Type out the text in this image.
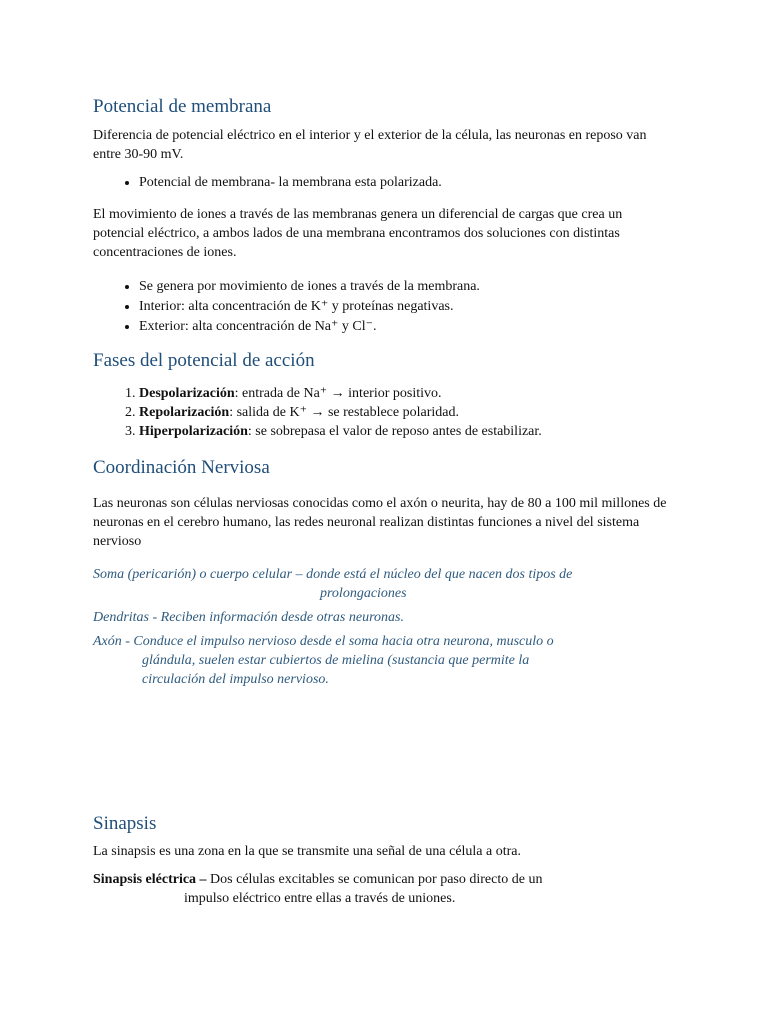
Potencial de membrana

Diferencia de potencial eléctrico en el interior y el exterior de la célula, las neuronas en reposo van entre 30-90 mV.

• Potencial de membrana- la membrana esta polarizada.

El movimiento de iones a través de las membranas genera un diferencial de cargas que crea un potencial eléctrico, a ambos lados de una membrana encontramos dos soluciones con distintas concentraciones de iones.

• Se genera por movimiento de iones a través de la membrana.
• Interior: alta concentración de K⁺ y proteínas negativas.
• Exterior: alta concentración de Na⁺ y Cl⁻.
Fases del potencial de acción
1. Despolarización: entrada de Na⁺ → interior positivo.
2. Repolarización: salida de K⁺ → se restablece polaridad.
3. Hiperpolarización: se sobrepasa el valor de reposo antes de estabilizar.
Coordinación Nerviosa

Las neuronas son células nerviosas conocidas como el axón o neurita, hay de 80 a 100 mil millones de neuronas en el cerebro humano, las redes neuronal realizan distintas funciones a nivel del sistema nervioso

Soma (pericarión) o cuerpo celular – donde está el núcleo del que nacen dos tipos de
prolongaciones
Dendritas - Reciben información desde otras neuronas.
Axón - Conduce el impulso nervioso desde el soma hacia otra neurona, musculo o
glándula, suelen estar cubiertos de mielina (sustancia que permite la
circulación del impulso nervioso.
Sinapsis

La sinapsis es una zona en la que se transmite una señal de una célula a otra.

Sinapsis eléctrica – Dos células excitables se comunican por paso directo de un

impulso eléctrico entre ellas a través de uniones.
